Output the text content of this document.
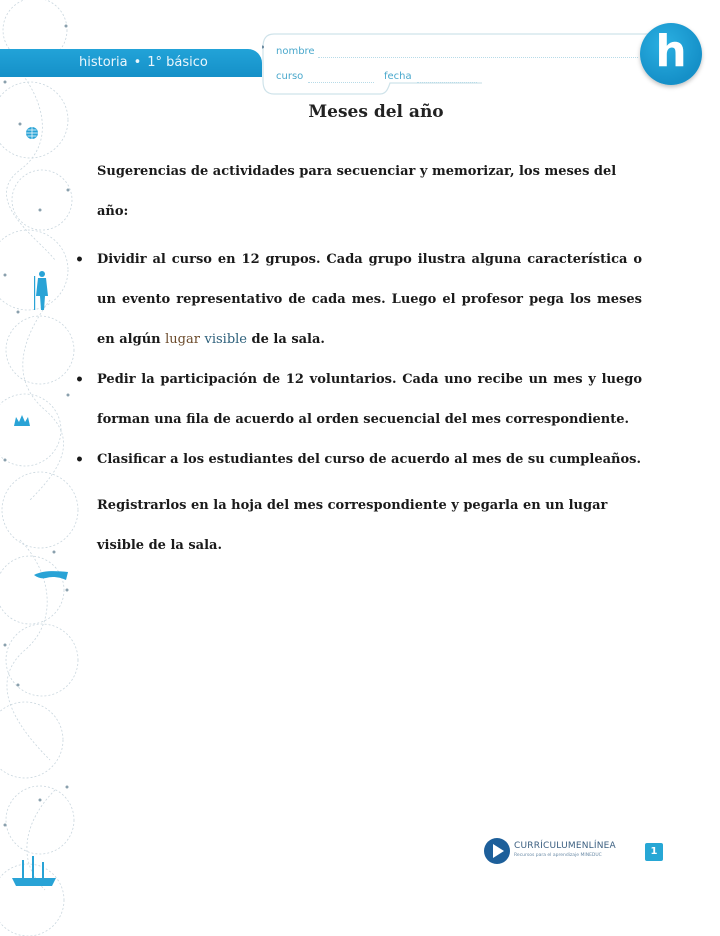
historia • 1° básico
nombre
curso	fecha	h
Meses del año

Sugerencias de actividades para secuenciar y memorizar, los meses del año:

• Dividir al curso en 12 grupos. Cada grupo ilustra alguna característica o un evento representativo de cada mes. Luego el profesor pega los meses en algún lugar visible de la sala.
• Pedir la participación de 12 voluntarios. Cada uno recibe un mes y luego forman una fila de acuerdo al orden secuencial del mes correspondiente.
• Clasificar a los estudiantes del curso de acuerdo al mes de su cumpleaños.

Registrarlos en la hoja del mes correspondiente y pegarla en un lugar visible de la sala.

CURRÍCULUMENLÍNEA
Recursos para el aprendizaje MINEDUC	1
